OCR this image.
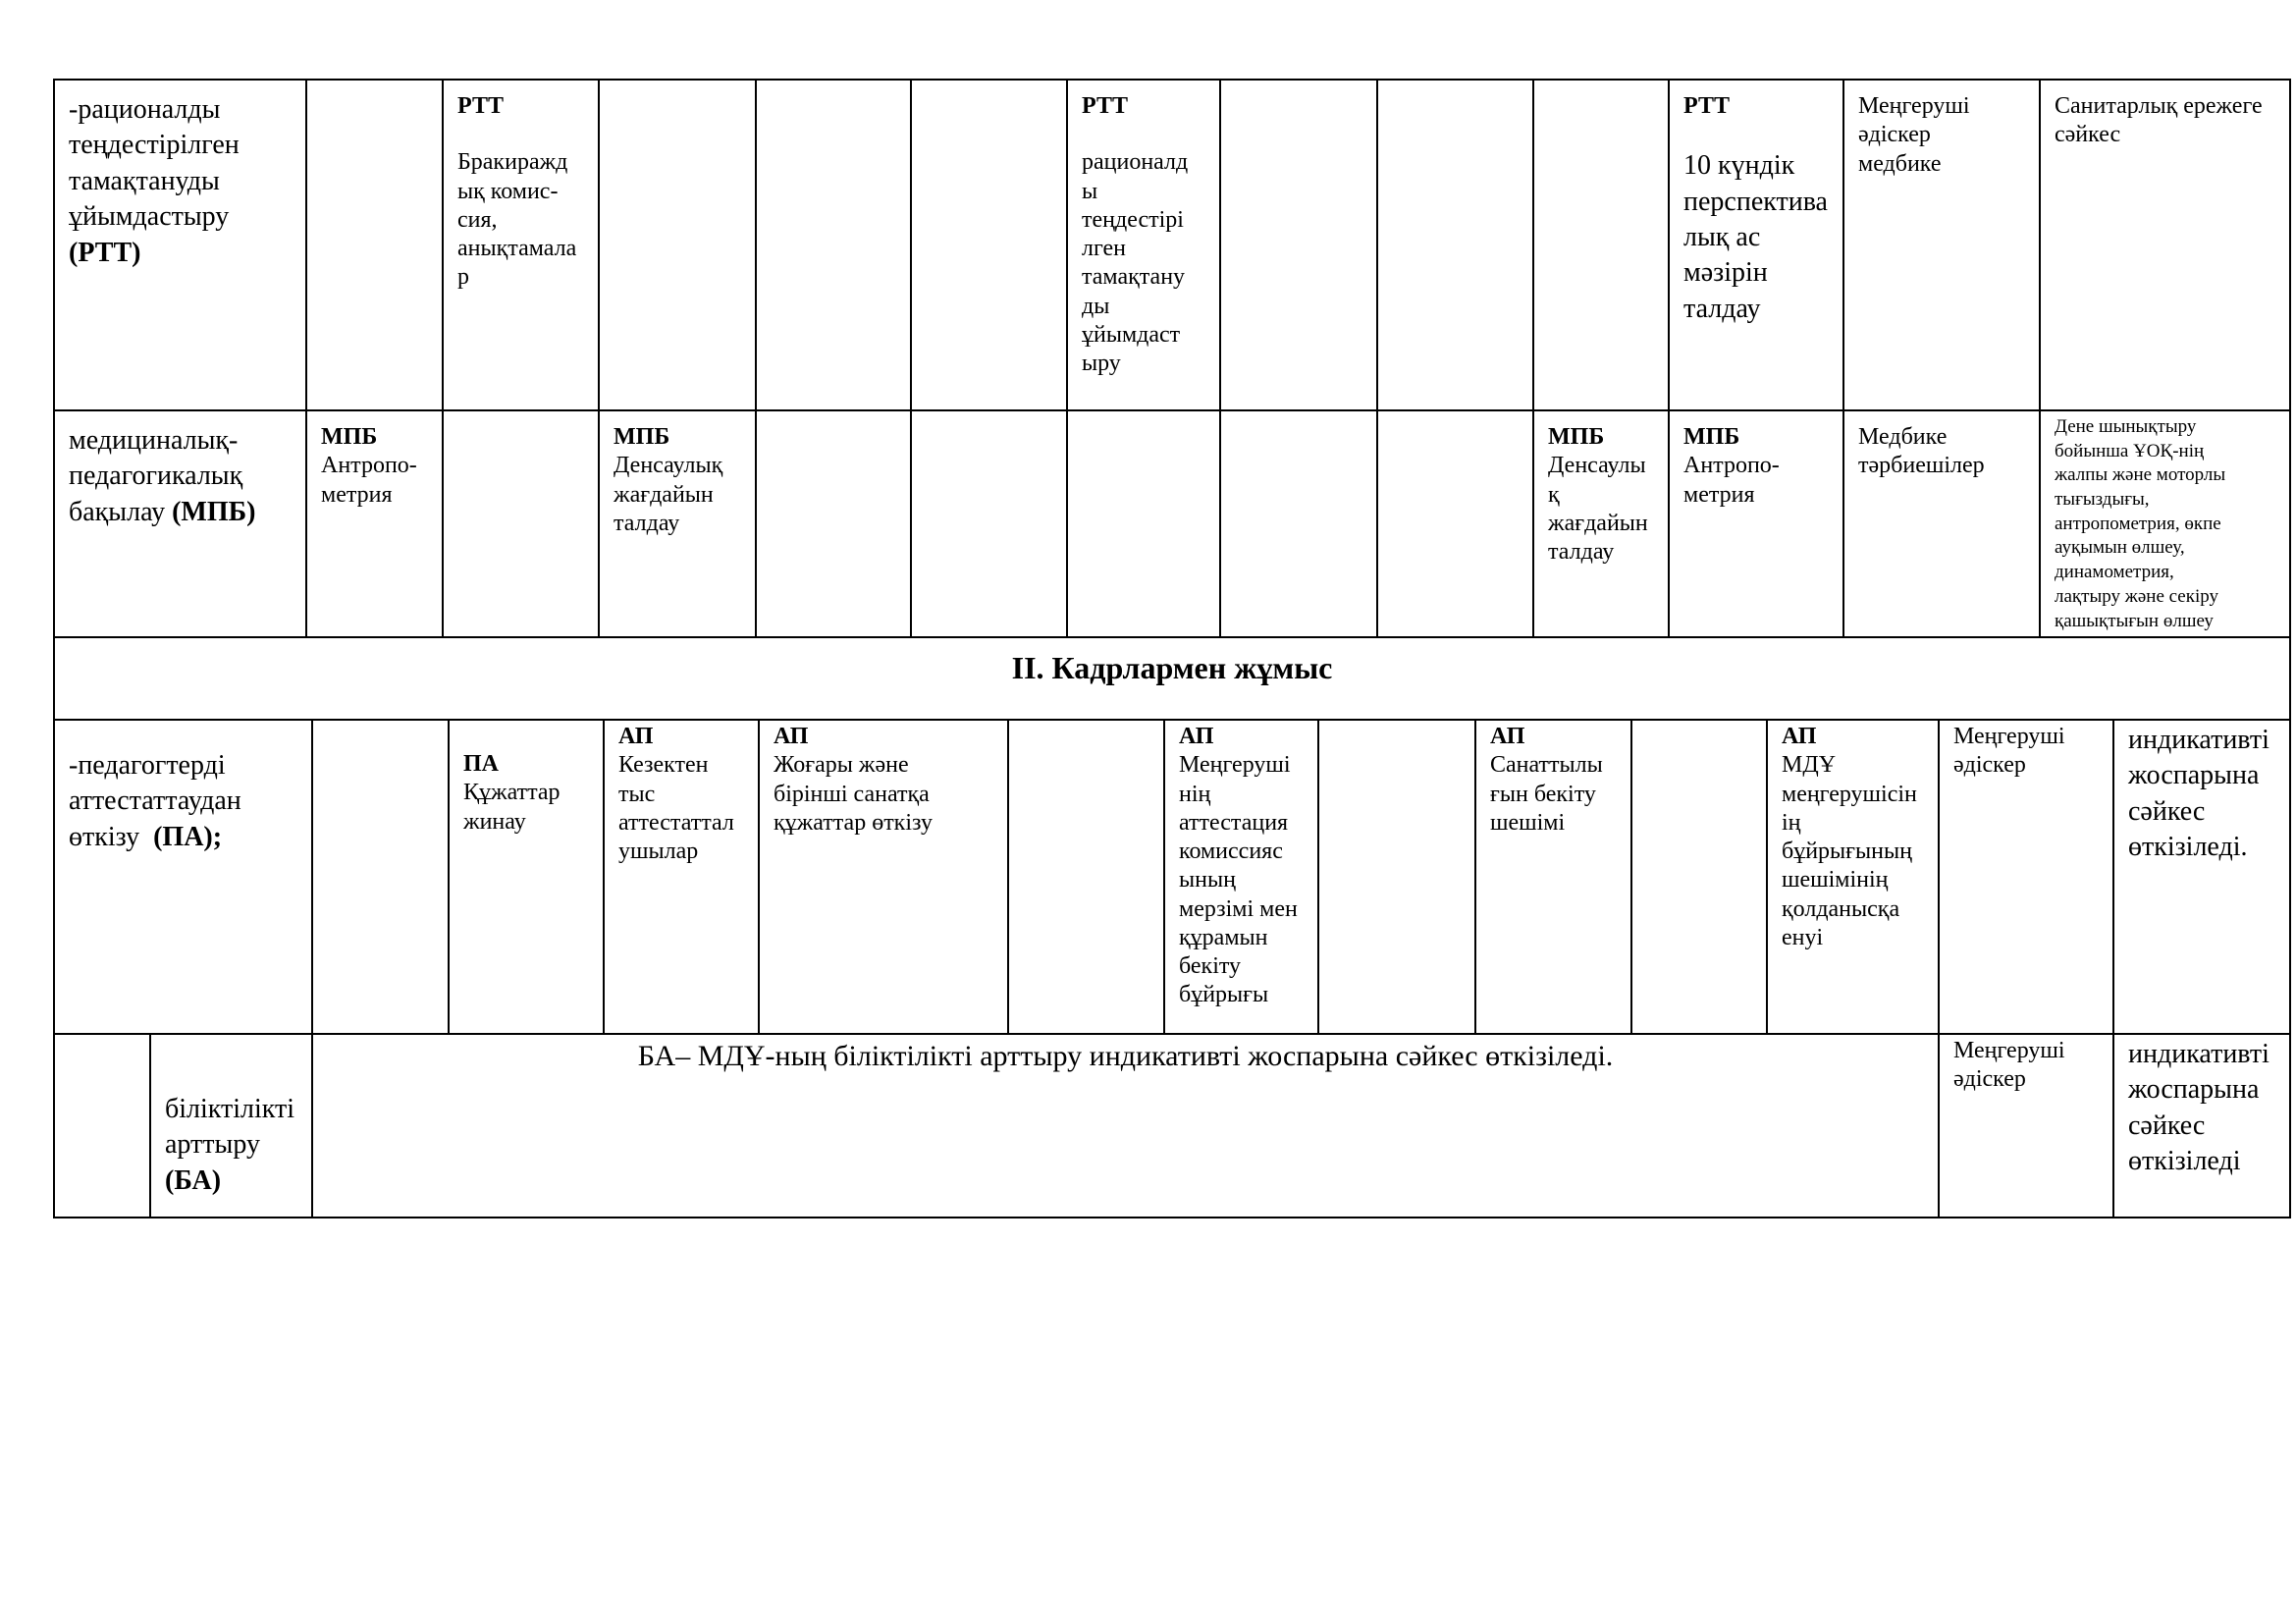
-рационалды
теңдестірілген
тамақтануды
ұйымдастыру
(РТТ)
РТТ
Бракиражд
ық комис-
сия,
анықтамала
р
РТТ
рационалд
ы
теңдестірі
лген
тамақтану
ды
ұйымдаст
ыру
РТТ
10 күндік
перспектива
лық ас
мәзірін
талдау
Меңгеруші
әдіскер
медбике
Санитарлық ережеге
сәйкес
медициналық-
педагогикалық
бақылау (МПБ)
МПБ
Антропо-
метрия
МПБ
Денсаулық
жағдайын
талдау
МПБ
Денсаулы
қ
жағдайын
талдау
МПБ
Антропо-
метрия
Медбике
тәрбиешілер
Дене шынықтыру
бойынша ҰОҚ-нің
жалпы және моторлы
тығыздығы,
антропометрия, өкпе
ауқымын өлшеу,
динамометрия,
лақтыру және секіру
қашықтығын өлшеу
II. Кадрлармен жұмыс
-педагогтерді
аттестаттаудан
өткізу (ПА);
ПА
Құжаттар
жинау
АП
Кезектен
тыс
аттестаттал
ушылар
АП
Жоғары және
бірінші санатқа
құжаттар өткізу
АП
Меңгеруші
нің
аттестация
комиссияс
ының
мерзімі мен
құрамын
бекіту
бұйрығы
АП
Санаттылы
ғын бекіту
шешімі
АП
МДҰ
меңгерушісін
ің
бұйрығының
шешімінің
қолданысқа
енуі
Меңгеруші
әдіскер
индикативті
жоспарына
сәйкес
өткізіледі.
біліктілікті
арттыру
(БА)
БА– МДҰ-ның біліктілікті арттыру индикативті жоспарына сәйкес өткізіледі.	Меңгеруші
әдіскер
индикативті
жоспарына
сәйкес
өткізіледі
